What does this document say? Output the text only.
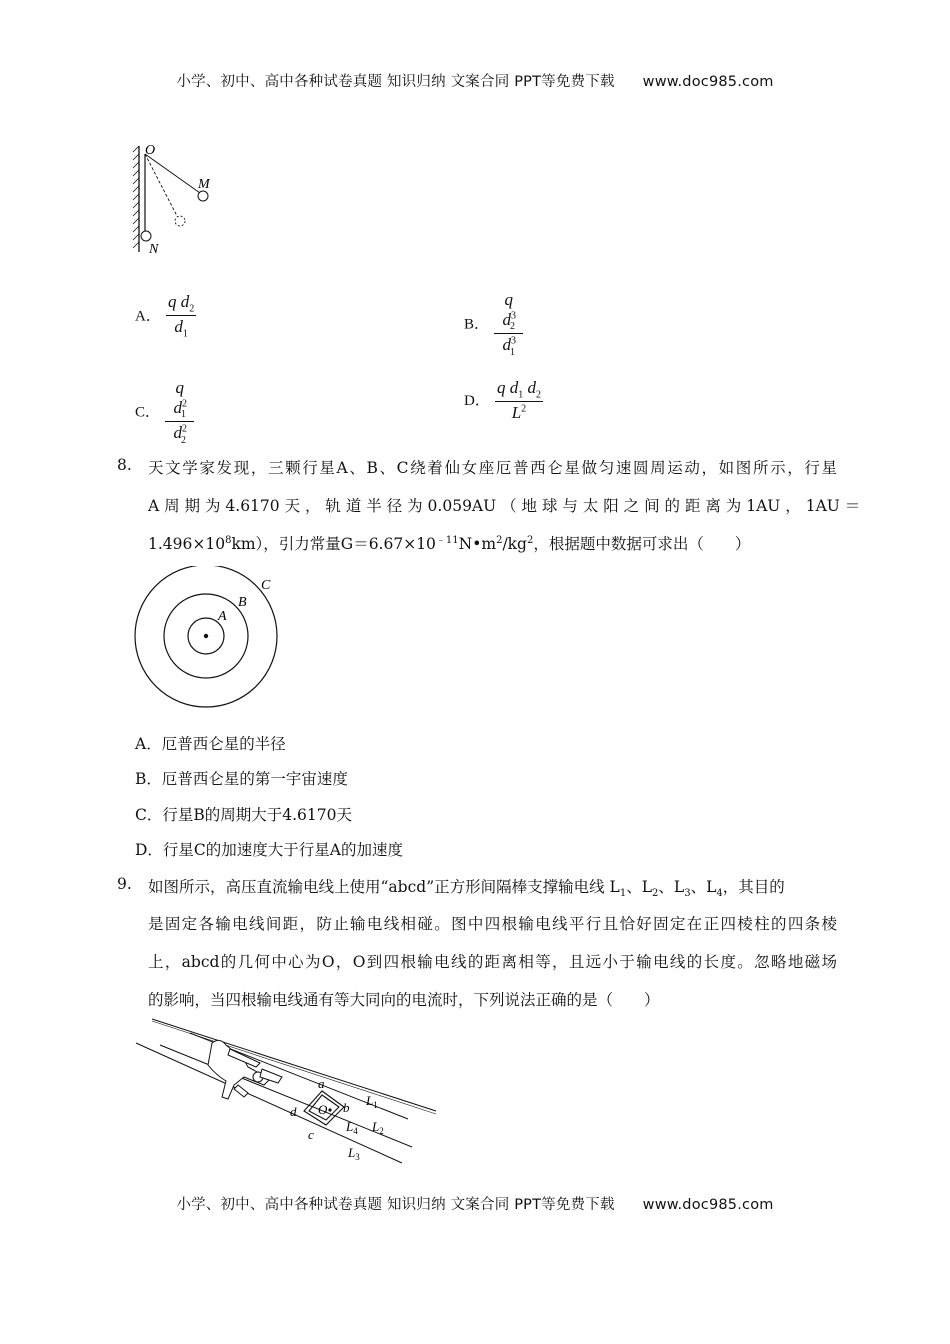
小学、初中、高中各种试卷真题 知识归纳 文案合同 PPT等免费下载 www.doc985.com
O
M
N
A． $\frac{q d_2}{d_1}$	B． $\frac{q d^3_2}{d^3_1}$
C． $\frac{q d^2_1}{d^2_2}$	D． $\frac{q d_1 d_2}{L^2}$
8. 天文学家发现，三颗行星A、B、C绕着仙女座厄普西仑星做匀速圆周运动，如图所示，行星
A 周 期 为 4.6170 天 ， 轨 道 半 径 为 0.059AU （ 地 球 与 太 阳 之 间 的 距 离 为 1AU ， 1AU ＝
$1.496\times 10^8km$），引力常量$G=6.67\times 10^{﹣11}N•m^2/kg^2$，根据题中数据可求出（　　）
A
B
C
A．厄普西仑星的半径
B．厄普西仑星的第一宇宙速度
C．行星B的周期大于4.6170天
D．行星C的加速度大于行星A的加速度
9. 如图所示，高压直流输电线上使用“abcd”正方形间隔棒支撑输电线 $L_1$、$L_2$、$L_3$、$L_4$，其目的
是固定各输电线间距，防止输电线相碰。图中四根输电线平行且恰好固定在正四棱柱的四条棱
上，abcd的几何中心为O，O到四根输电线的距离相等，且远小于输电线的长度。忽略地磁场
的影响，当四根输电线通有等大同向的电流时，下列说法正确的是（　　）
O
a
b
c
d
$L_1$
$L_2$
$L_4$
$L_3$
小学、初中、高中各种试卷真题 知识归纳 文案合同 PPT等免费下载 www.doc985.com
